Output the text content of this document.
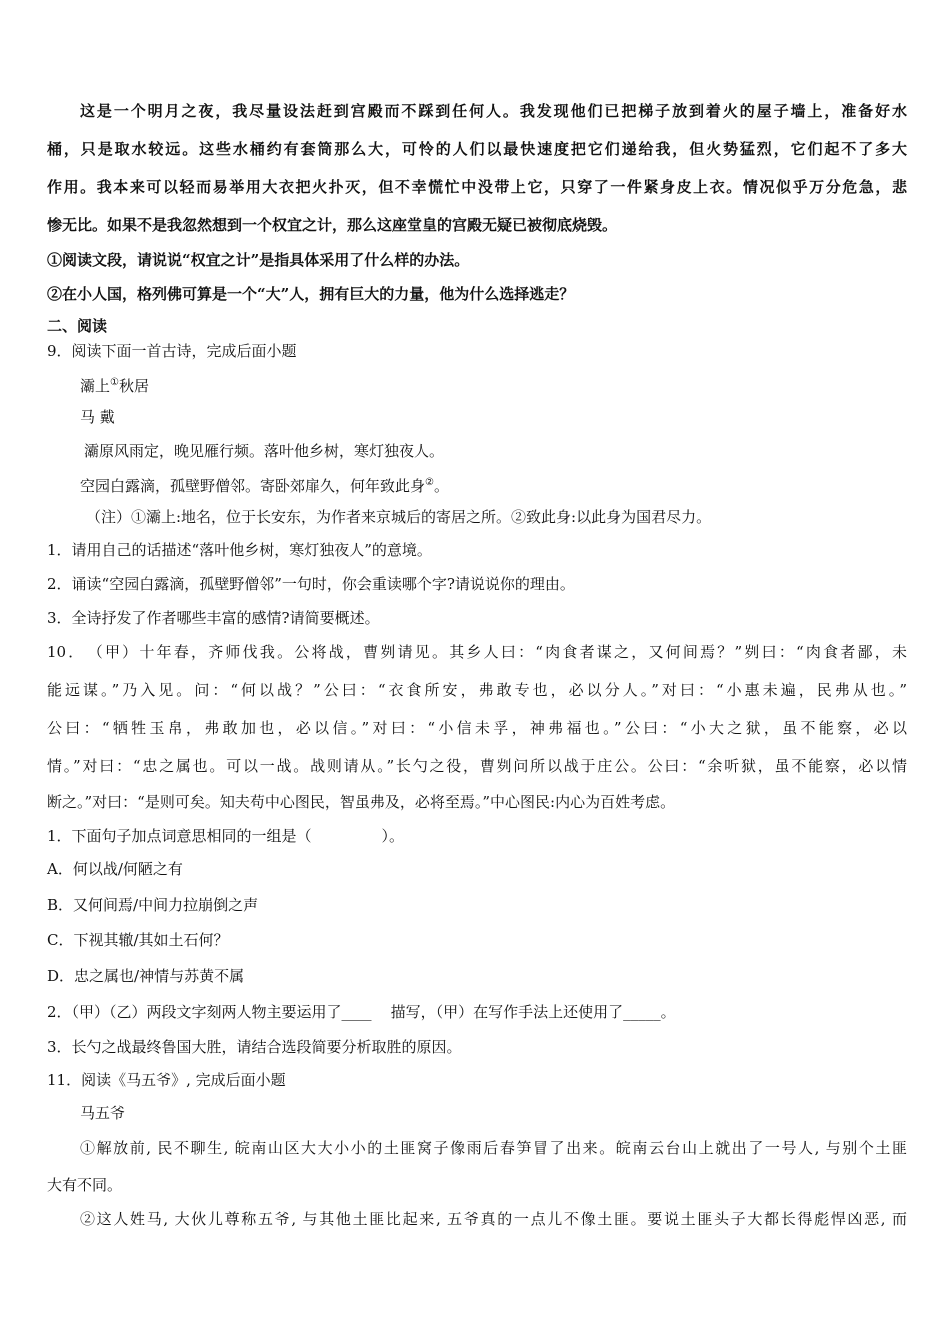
这是一个明月之夜，我尽量设法赶到宫殿而不踩到任何人。我发现他们已把梯子放到着火的屋子墙上，准备好水
桶，只是取水较远。这些水桶约有套筒那么大，可怜的人们以最快速度把它们递给我，但火势猛烈，它们起不了多大
作用。我本来可以轻而易举用大衣把火扑灭，但不幸慌忙中没带上它，只穿了一件紧身皮上衣。情况似乎万分危急，悲
惨无比。如果不是我忽然想到一个权宜之计，那么这座堂皇的宫殿无疑已被彻底烧毁。
①阅读文段，请说说“权宜之计”是指具体采用了什么样的办法。
②在小人国，格列佛可算是一个“大”人，拥有巨大的力量，他为什么选择逃走？
二、阅读
9．阅读下面一首古诗，完成后面小题
灞上①秋居
马 戴
灞原风雨定，晚见雁行频。落叶他乡树，寒灯独夜人。
空园白露滴，孤壁野僧邻。寄卧郊扉久，何年致此身②。
（注）①灞上:地名，位于长安东，为作者来京城后的寄居之所。②致此身:以此身为国君尽力。
1．请用自己的话描述“落叶他乡树，寒灯独夜人”的意境。
2．诵读“空园白露滴，孤壁野僧邻”一句时，你会重读哪个字?请说说你的理由。
3．全诗抒发了作者哪些丰富的感情?请简要概述。
10．　（甲）十年春，齐师伐我。公将战，曹刿请见。其乡人曰：“肉食者谋之，又何间焉？”刿曰：“肉食者鄙，未
能远谋。”乃入见。问：“何以战？”公曰：“衣食所安，弗敢专也，必以分人。”对曰：“小惠未遍，民弗从也。”
公曰：“牺牲玉帛，弗敢加也，必以信。”对曰：“小信未孚，神弗福也。”公曰：“小大之狱，虽不能察，必以
情。”对曰：“忠之属也。可以一战。战则请从。”长勺之役，曹刿问所以战于庄公。公曰：“余听狱，虽不能察，必以情
断之。”对曰：“是则可矣。知夫苟中心图民，智虽弗及，必将至焉。”中心图民:内心为百姓考虑。
1．下面句子加点词意思相同的一组是（	）。
A．何以战/何陋之有
B．又何间焉/中间力拉崩倒之声
C．下视其辙/其如土石何？
D．忠之属也/神情与苏黄不属
2．（甲）（乙）两段文字刻两人物主要运用了____ 描写，（甲）在写作手法上还使用了_____。
3．长勺之战最终鲁国大胜，请结合选段简要分析取胜的原因。
11．阅读《马五爷》, 完成后面小题
马五爷
①解放前, 民不聊生, 皖南山区大大小小的土匪窝子像雨后春笋冒了出来。皖南云台山上就出了一号人, 与别个土匪
大有不同。
②这人姓马, 大伙儿尊称五爷, 与其他土匪比起来, 五爷真的一点儿不像土匪。要说土匪头子大都长得彪悍凶恶, 而
